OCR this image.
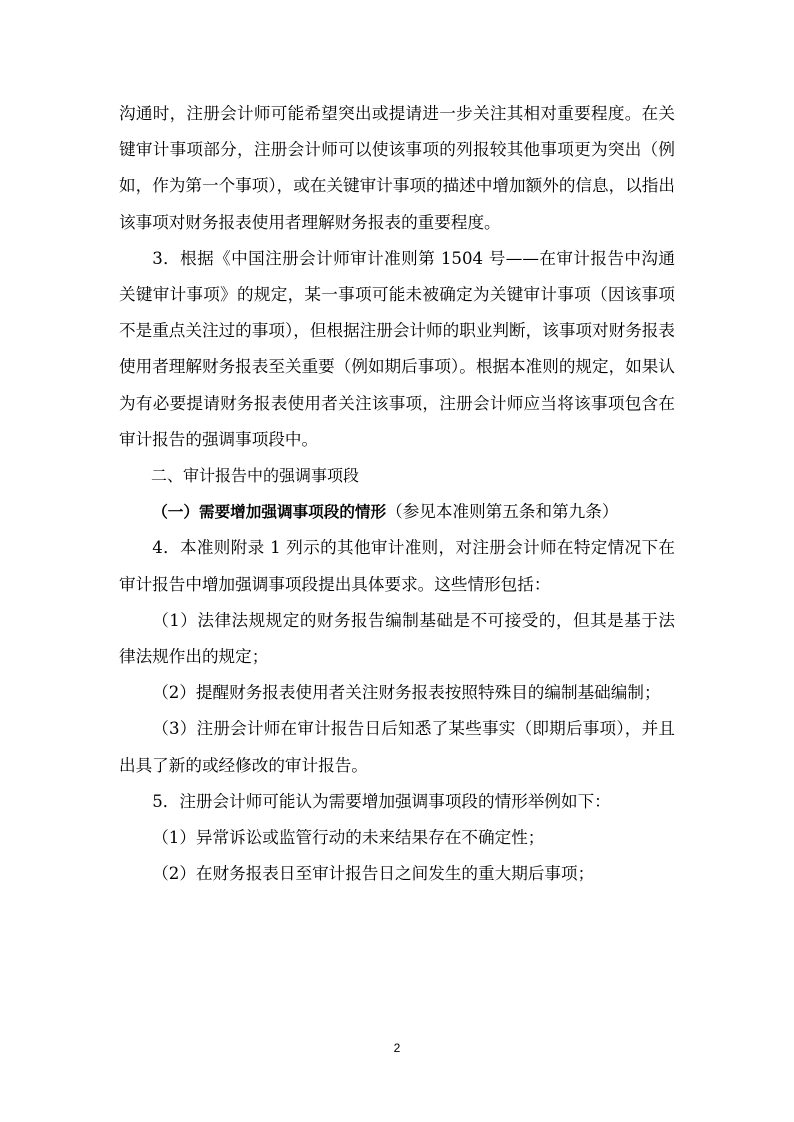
沟通时，注册会计师可能希望突出或提请进一步关注其相对重要程度。在关键审计事项部分，注册会计师可以使该事项的列报较其他事项更为突出（例如，作为第一个事项），或在关键审计事项的描述中增加额外的信息，以指出该事项对财务报表使用者理解财务报表的重要程度。

3．根据《中国注册会计师审计准则第 1504 号——在审计报告中沟通关键审计事项》的规定，某一事项可能未被确定为关键审计事项（因该事项不是重点关注过的事项），但根据注册会计师的职业判断，该事项对财务报表使用者理解财务报表至关重要（例如期后事项）。根据本准则的规定，如果认为有必要提请财务报表使用者关注该事项，注册会计师应当将该事项包含在审计报告的强调事项段中。

二、审计报告中的强调事项段

（一）需要增加强调事项段的情形（参见本准则第五条和第九条）

4．本准则附录 1 列示的其他审计准则，对注册会计师在特定情况下在审计报告中增加强调事项段提出具体要求。这些情形包括：

（1）法律法规规定的财务报告编制基础是不可接受的，但其是基于法律法规作出的规定；

（2）提醒财务报表使用者关注财务报表按照特殊目的编制基础编制；

（3）注册会计师在审计报告日后知悉了某些事实（即期后事项），并且出具了新的或经修改的审计报告。

5．注册会计师可能认为需要增加强调事项段的情形举例如下：

（1）异常诉讼或监管行动的未来结果存在不确定性；

（2）在财务报表日至审计报告日之间发生的重大期后事项；

2
